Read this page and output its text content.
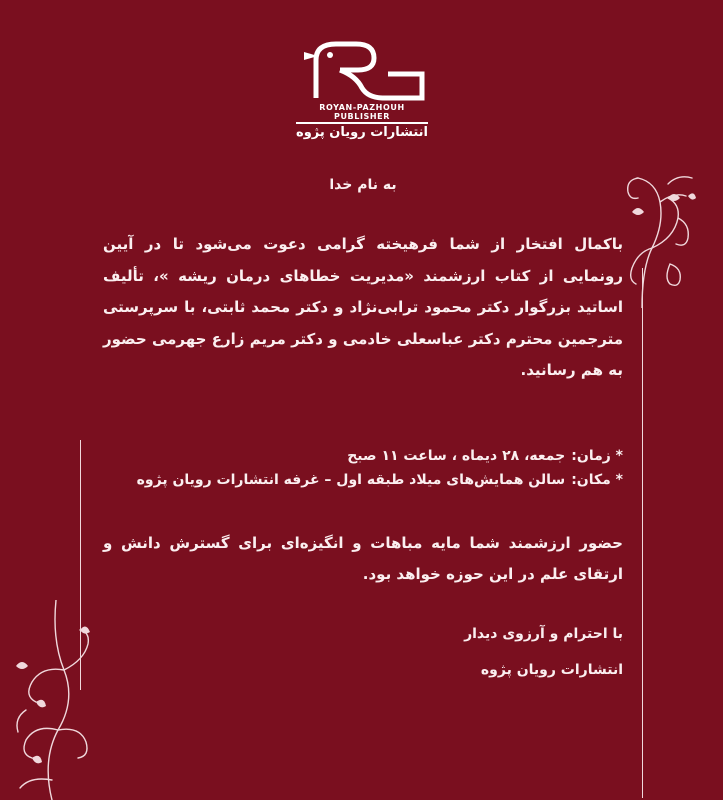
ROYAN-PAZHOUH PUBLISHER
انتشارات رویان پژوه
به نام خدا
باکمال افتخار از شما فرهیخته گرامی دعوت می‌شود تا در آیین رونمایی از کتاب ارزشمند «مدیریت خطاهای درمان ریشه »، تألیف اساتید بزرگوار دکتر محمود ترابی‌نژاد و دکتر محمد ثابتی، با سرپرستی مترجمین محترم دکتر عباسعلی خادمی و دکتر مریم زارع جهرمی حضور به هم رسانید.
* زمان:
جمعه، ۲۸ دیماه ، ساعت ۱۱ صبح
* مکان:
سالن همایش‌های میلاد طبقه اول – غرفه انتشارات رویان پژوه
حضور ارزشمند شما مایه مباهات و انگیزه‌ای برای گسترش دانش و ارتقای علم در این حوزه خواهد بود.
با احترام و آرزوی دیدار
انتشارات رویان پژوه
